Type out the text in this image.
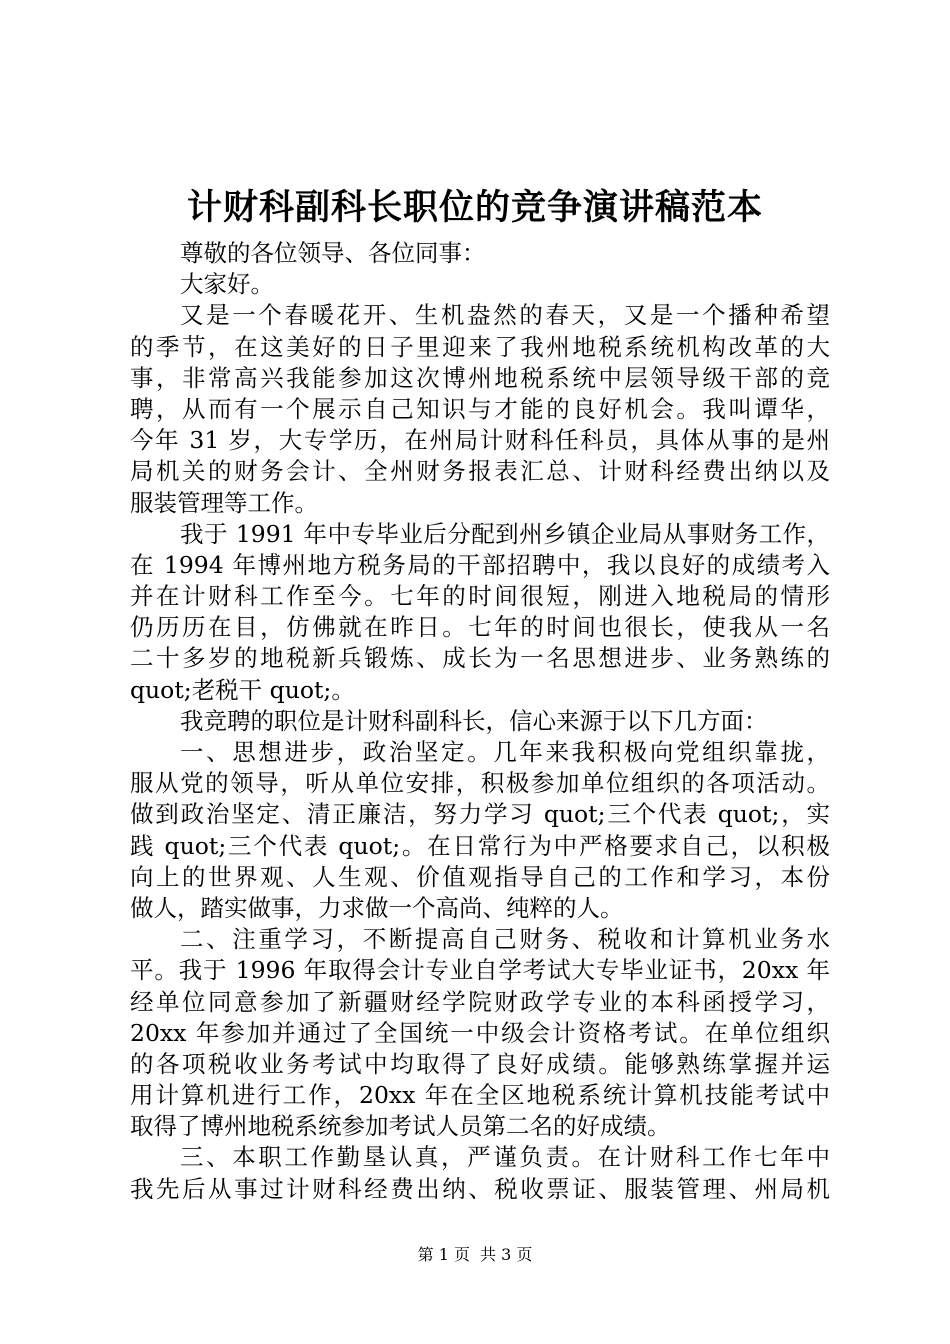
计财科副科长职位的竞争演讲稿范本
尊敬的各位领导、各位同事：
大家好。
又是一个春暖花开、生机盎然的春天，又是一个播种希望
的季节，在这美好的日子里迎来了我州地税系统机构改革的大
事，非常高兴我能参加这次博州地税系统中层领导级干部的竞
聘，从而有一个展示自己知识与才能的良好机会。我叫谭华，
今年 31 岁，大专学历，在州局计财科任科员，具体从事的是州
局机关的财务会计、全州财务报表汇总、计财科经费出纳以及
服装管理等工作。
我于 1991 年中专毕业后分配到州乡镇企业局从事财务工作，
在 1994 年博州地方税务局的干部招聘中，我以良好的成绩考入
并在计财科工作至今。七年的时间很短，刚进入地税局的情形
仍历历在目，仿佛就在昨日。七年的时间也很长，使我从一名
二十多岁的地税新兵锻炼、成长为一名思想进步、业务熟练的
quot;老税干 quot;。
我竞聘的职位是计财科副科长，信心来源于以下几方面：
一、思想进步，政治坚定。几年来我积极向党组织靠拢，
服从党的领导，听从单位安排，积极参加单位组织的各项活动。
做到政治坚定、清正廉洁，努力学习 quot;三个代表 quot;，实
践 quot;三个代表 quot;。在日常行为中严格要求自己，以积极
向上的世界观、人生观、价值观指导自己的工作和学习，本份
做人，踏实做事，力求做一个高尚、纯粹的人。
二、注重学习，不断提高自己财务、税收和计算机业务水
平。我于 1996 年取得会计专业自学考试大专毕业证书，20xx 年
经单位同意参加了新疆财经学院财政学专业的本科函授学习，
20xx 年参加并通过了全国统一中级会计资格考试。在单位组织
的各项税收业务考试中均取得了良好成绩。能够熟练掌握并运
用计算机进行工作，20xx 年在全区地税系统计算机技能考试中
取得了博州地税系统参加考试人员第二名的好成绩。
三、本职工作勤垦认真，严谨负责。在计财科工作七年中
我先后从事过计财科经费出纳、税收票证、服装管理、州局机
第 1 页 共 3 页
